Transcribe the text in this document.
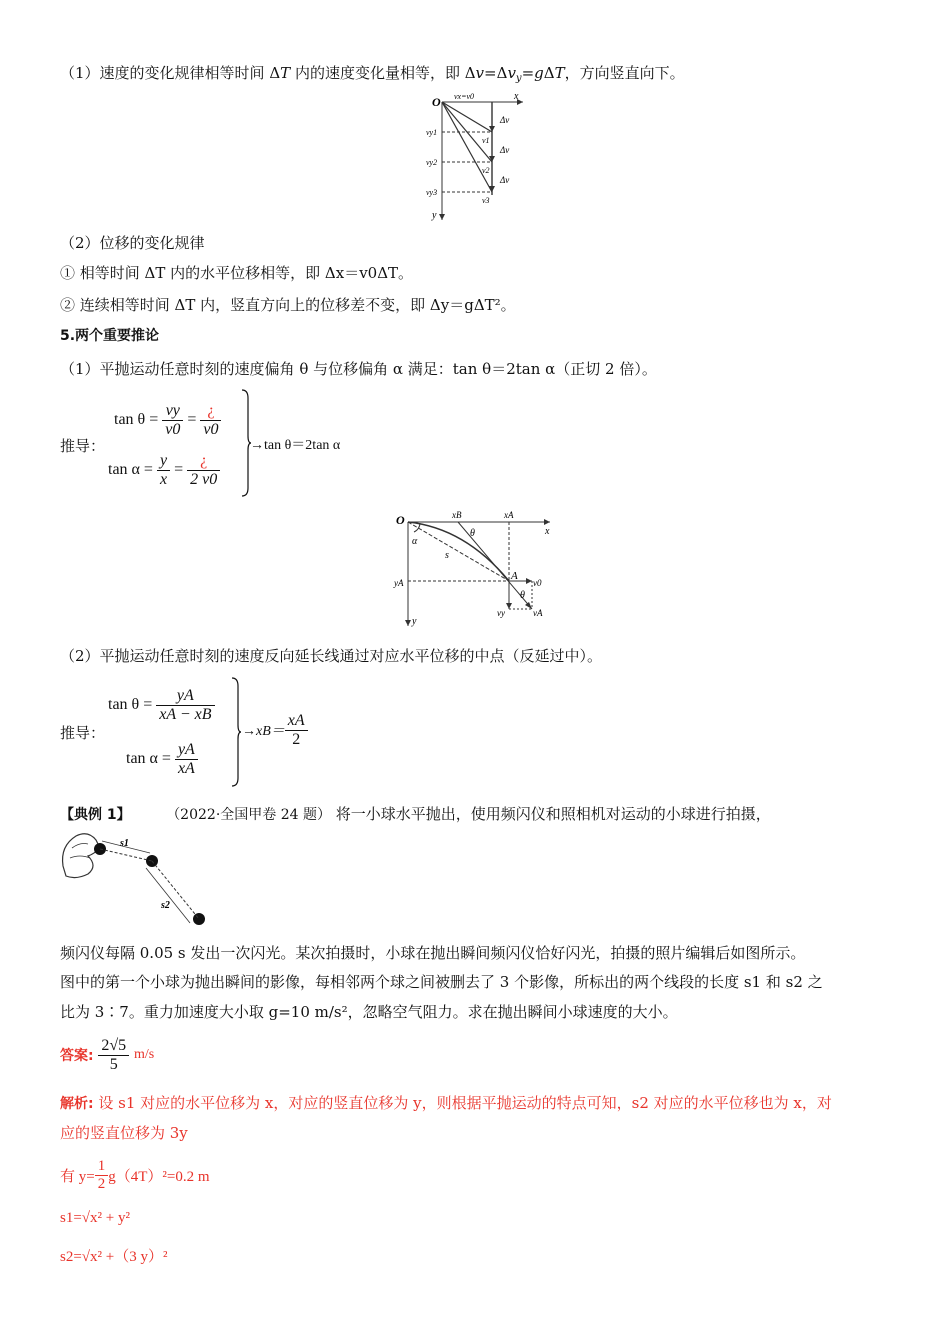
（1）速度的变化规律相等时间 ΔT 内的速度变化量相等，即 $\Delta v=\Delta v_y=g\Delta T$，方向竖直向下。
O vx=v0	x
y
vy1
vy2
vy3
v1
v2
v3
Δv
Δv
Δv
（2）位移的变化规律
① 相等时间 ΔT 内的水平位移相等，即 Δx＝v0ΔT。
② 连续相等时间 ΔT 内，竖直方向上的位移差不变，即 Δy＝gΔT²。
5.两个重要推论
（1）平抛运动任意时刻的速度偏角 θ 与位移偏角 α 满足：tan θ＝2tan α（正切 2 倍）。
推导：
tan θ =
$\frac{vy}{v0} = \frac{¿}{v0}$
tan α =
$\frac{y}{x} = \frac{¿}{2 v0}$
→tan θ＝2tan α
O	xB	xA
x
θ
α
s
yA
A
v0
θ
vy	vA
y
（2）平抛运动任意时刻的速度反向延长线通过对应水平位移的中点（反延过中）。
推导：
tan θ =
$\frac{yA}{xA - xB}$
tan α =
$\frac{yA}{xA}$
$\to xB= \frac{xA}{2}$
【典例 1】	（2022·全国甲卷 24 题） 将一小球水平抛出，使用频闪仪和照相机对运动的小球进行拍摄，
s1
s2
频闪仪每隔 0.05 s 发出一次闪光。某次拍摄时，小球在抛出瞬间频闪仪恰好闪光，拍摄的照片编辑后如图所示。
图中的第一个小球为抛出瞬间的影像，每相邻两个球之间被删去了 3 个影像，所标出的两个线段的长度 s1 和 s2 之
比为 3∶7。重力加速度大小取 g=10 m/s²，忽略空气阻力。求在抛出瞬间小球速度的大小。
答案:
$\frac{2√5}{5}$
m/s
解析: 设 s1 对应的水平位移为 x，对应的竖直位移为 y，则根据平抛运动的特点可知，s2 对应的水平位移也为 x，对
应的竖直位移为 3y
有 $y= \frac{1}{2} g(4T)^2=0.2$ m
s1=√x² + y²
s2=√x² +（3 y）²
